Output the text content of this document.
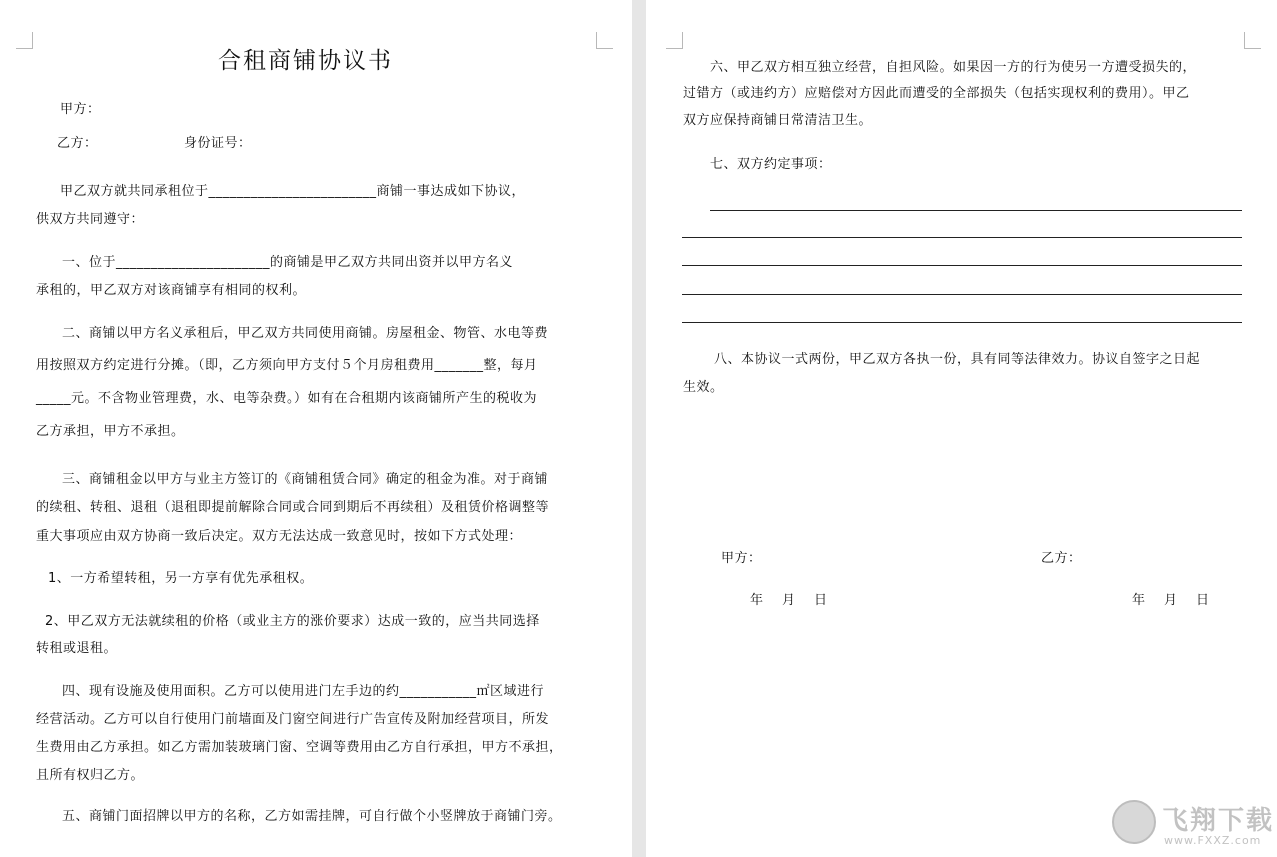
合租商铺协议书
甲方：
乙方：	身份证号：
甲乙双方就共同承租位于________________________商铺一事达成如下协议，
供双方共同遵守：
一、位于______________________的商铺是甲乙双方共同出资并以甲方名义
承租的，甲乙双方对该商铺享有相同的权利。
二、商铺以甲方名义承租后，甲乙双方共同使用商铺。房屋租金、物管、水电等费
用按照双方约定进行分摊。（即，乙方须向甲方支付５个月房租费用_______整，每月
_____元。不含物业管理费，水、电等杂费。）如有在合租期内该商铺所产生的税收为
乙方承担，甲方不承担。
三、商铺租金以甲方与业主方签订的《商铺租赁合同》确定的租金为准。对于商铺
的续租、转租、退租（退租即提前解除合同或合同到期后不再续租）及租赁价格调整等
重大事项应由双方协商一致后决定。双方无法达成一致意见时，按如下方式处理：
1、一方希望转租，另一方享有优先承租权。
2、甲乙双方无法就续租的价格（或业主方的涨价要求）达成一致的，应当共同选择
转租或退租。
四、现有设施及使用面积。乙方可以使用进门左手边的约___________㎡区域进行
经营活动。乙方可以自行使用门前墙面及门窗空间进行广告宣传及附加经营项目，所发
生费用由乙方承担。如乙方需加装玻璃门窗、空调等费用由乙方自行承担，甲方不承担，
且所有权归乙方。
五、商铺门面招牌以甲方的名称，乙方如需挂牌，可自行做个小竖牌放于商铺门旁。
六、甲乙双方相互独立经营，自担风险。如果因一方的行为使另一方遭受损失的，
过错方（或违约方）应赔偿对方因此而遭受的全部损失（包括实现权利的费用）。甲乙
双方应保持商铺日常清洁卫生。
七、双方约定事项：
八、本协议一式两份，甲乙双方各执一份，具有同等法律效力。协议自签字之日起
生效。
甲方：	乙方：
年    月    日	年    月    日
飞翔下载
www.FXXZ.com
